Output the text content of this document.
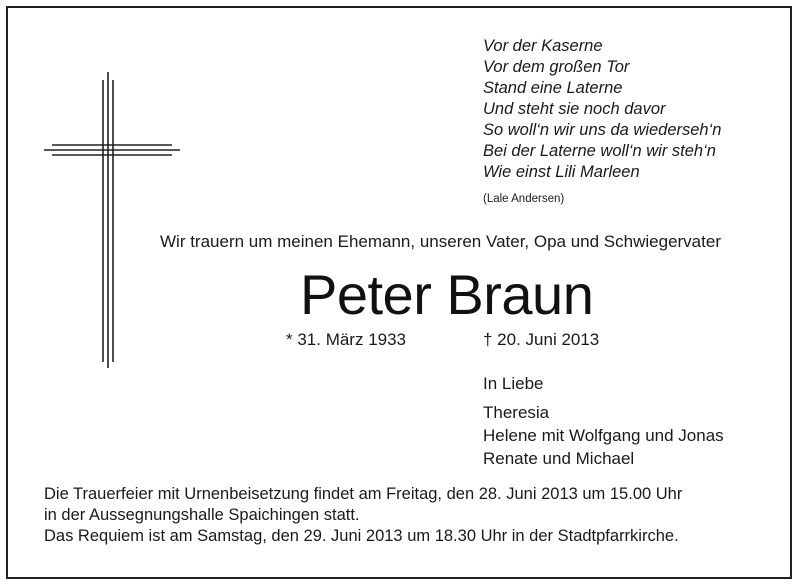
Vor der Kaserne
Vor dem großen Tor
Stand eine Laterne
Und steht sie noch davor
So woll‘n wir uns da wiederseh‘n
Bei der Laterne woll‘n wir steh‘n
Wie einst Lili Marleen
(Lale Andersen)
Wir trauern um meinen Ehemann, unseren Vater, Opa und Schwiegervater
Peter Braun
* 31. März 1933	† 20. Juni 2013
In Liebe
Theresia
Helene mit Wolfgang und Jonas
Renate und Michael
Die Trauerfeier mit Urnenbeisetzung findet am Freitag, den 28. Juni 2013 um 15.00 Uhr
in der Aussegnungshalle Spaichingen statt.
Das Requiem ist am Samstag, den 29. Juni 2013 um 18.30 Uhr in der Stadtpfarrkirche.
